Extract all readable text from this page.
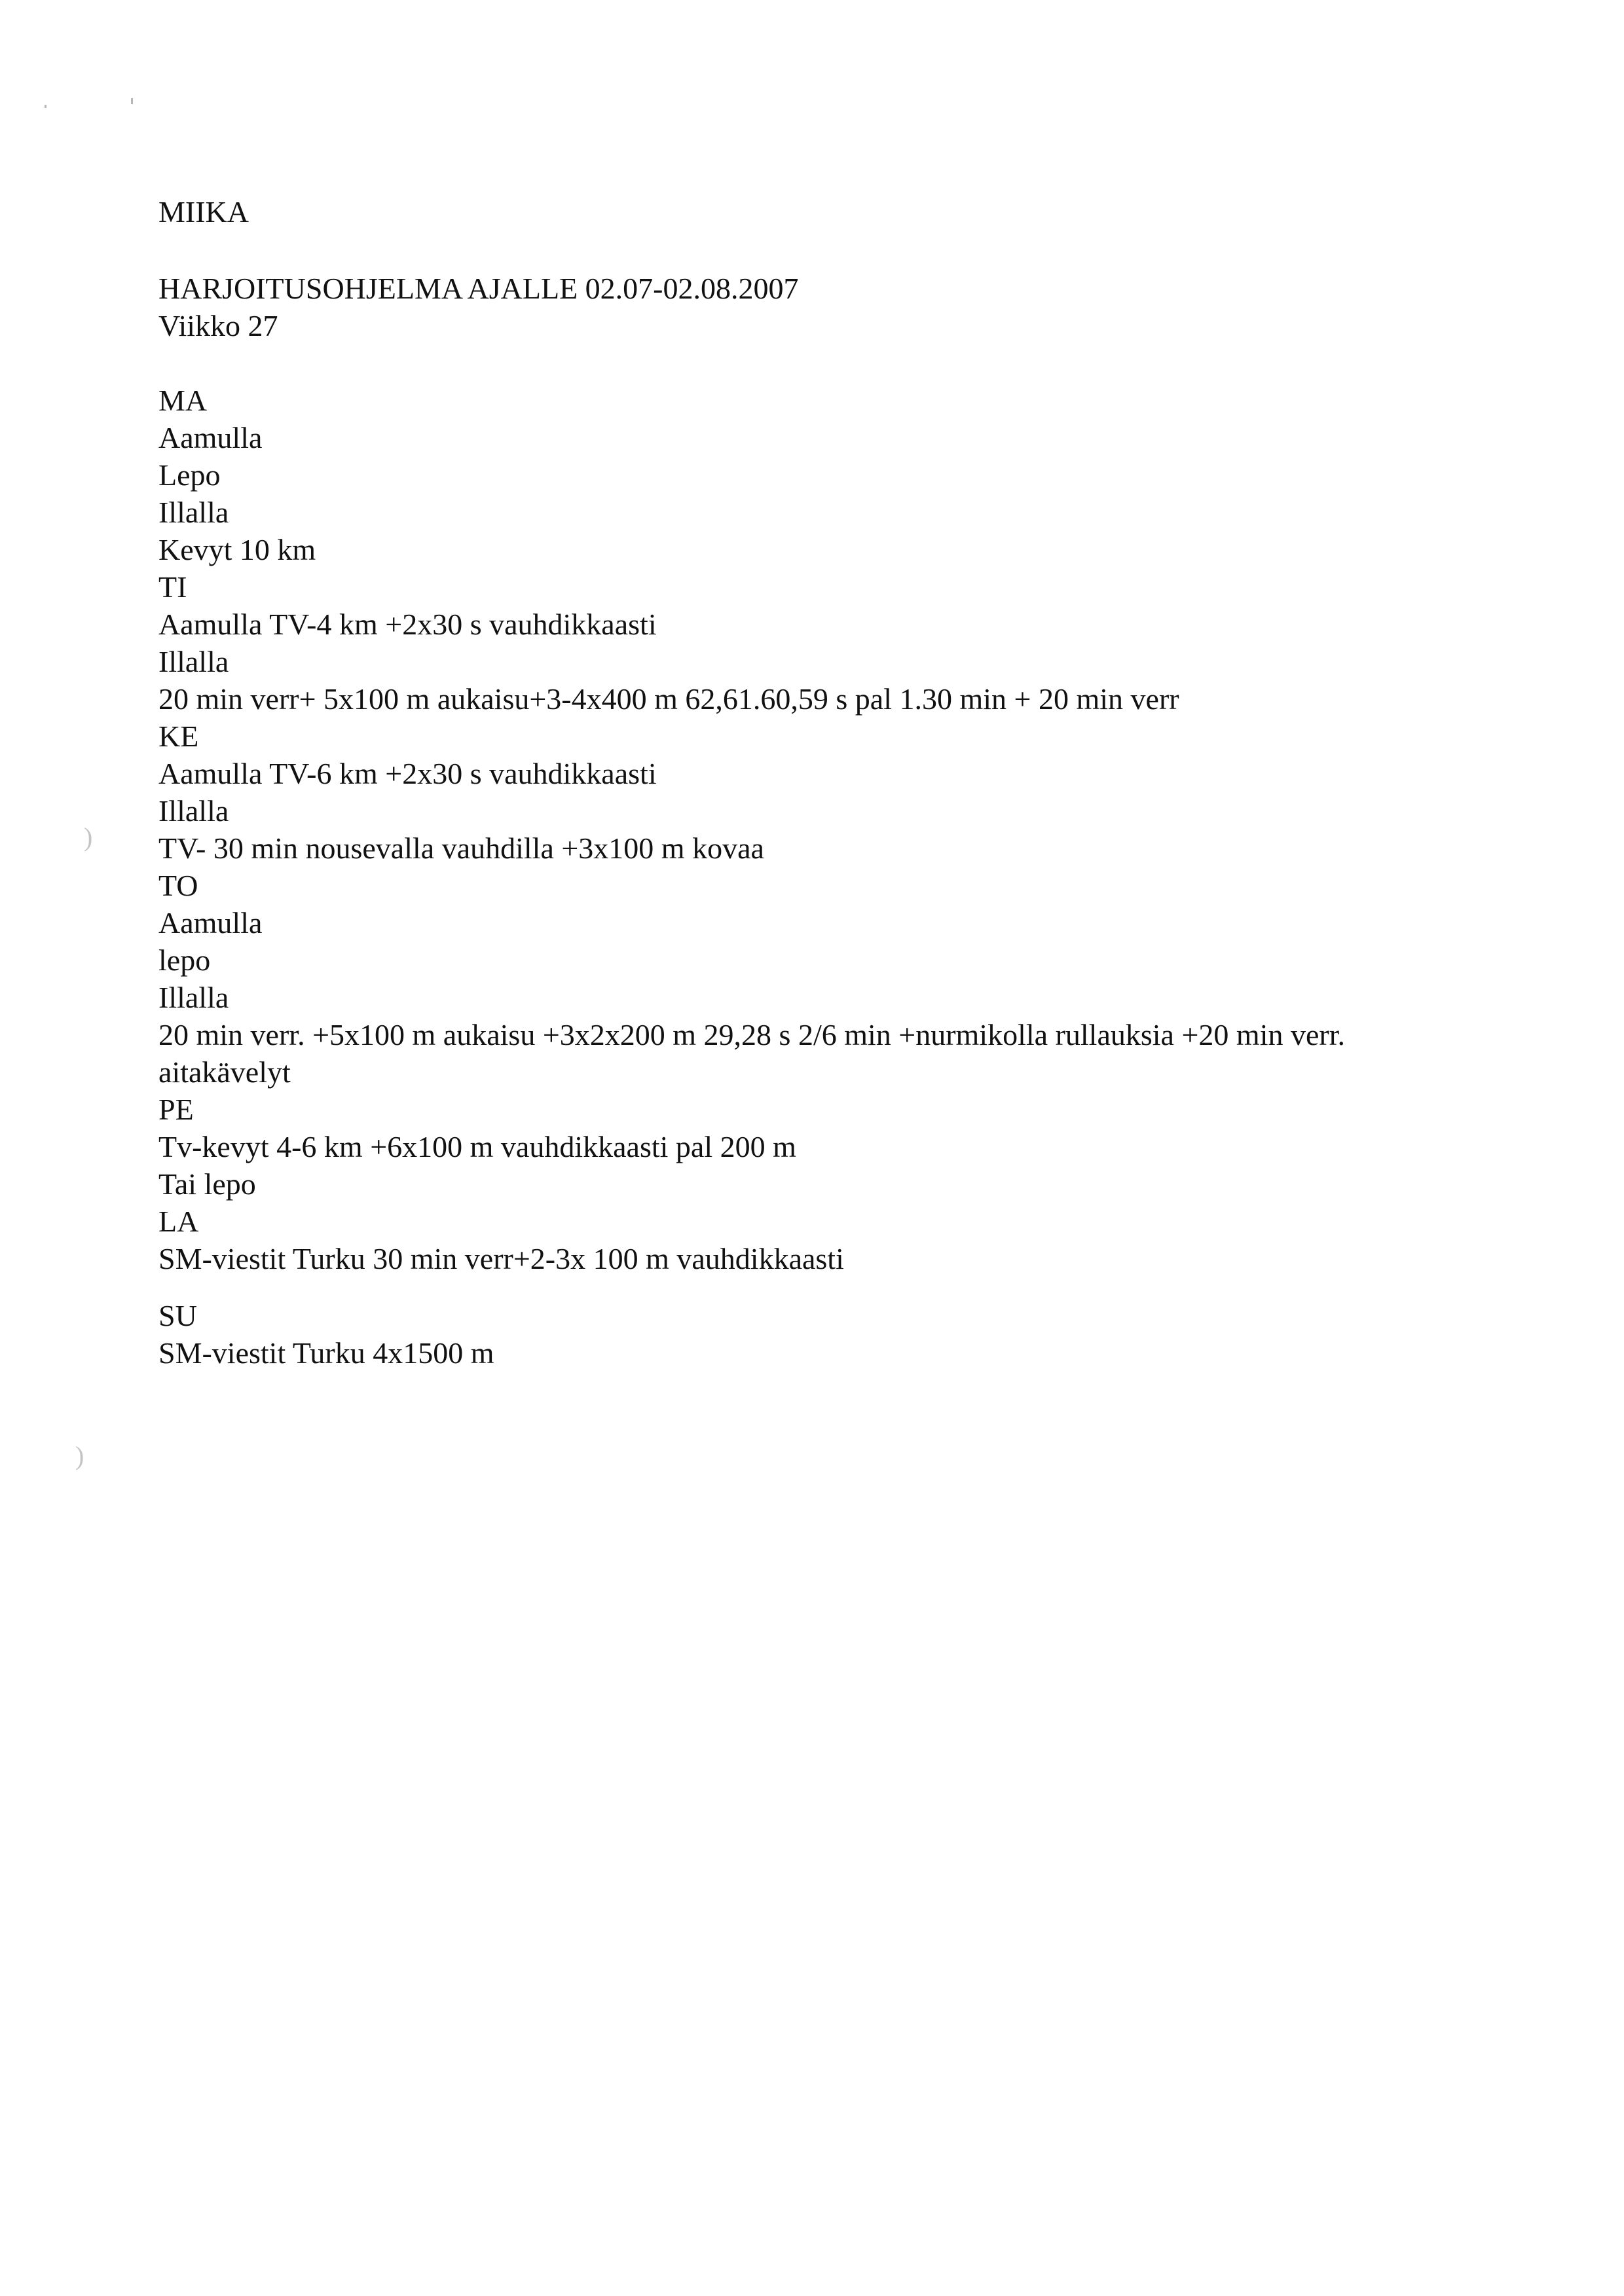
)
)

MIIKA

HARJOITUSOHJELMA AJALLE 02.07-02.08.2007

Viikko 27

MA

Aamulla

Lepo

Illalla

Kevyt 10 km

TI

Aamulla TV-4 km +2x30 s vauhdikkaasti

Illalla

20 min verr+ 5x100 m aukaisu+3-4x400 m 62,61.60,59 s pal 1.30 min + 20 min verr

KE

Aamulla TV-6 km +2x30 s vauhdikkaasti

Illalla

TV- 30 min nousevalla vauhdilla +3x100 m kovaa

TO

Aamulla

lepo

Illalla

20 min verr. +5x100 m aukaisu +3x2x200 m 29,28 s 2/6 min +nurmikolla rullauksia +20 min verr.

aitakävelyt

PE

Tv-kevyt 4-6 km +6x100 m vauhdikkaasti pal 200 m

Tai lepo

LA

SM-viestit Turku 30 min verr+2-3x 100 m vauhdikkaasti

SU

SM-viestit Turku 4x1500 m
